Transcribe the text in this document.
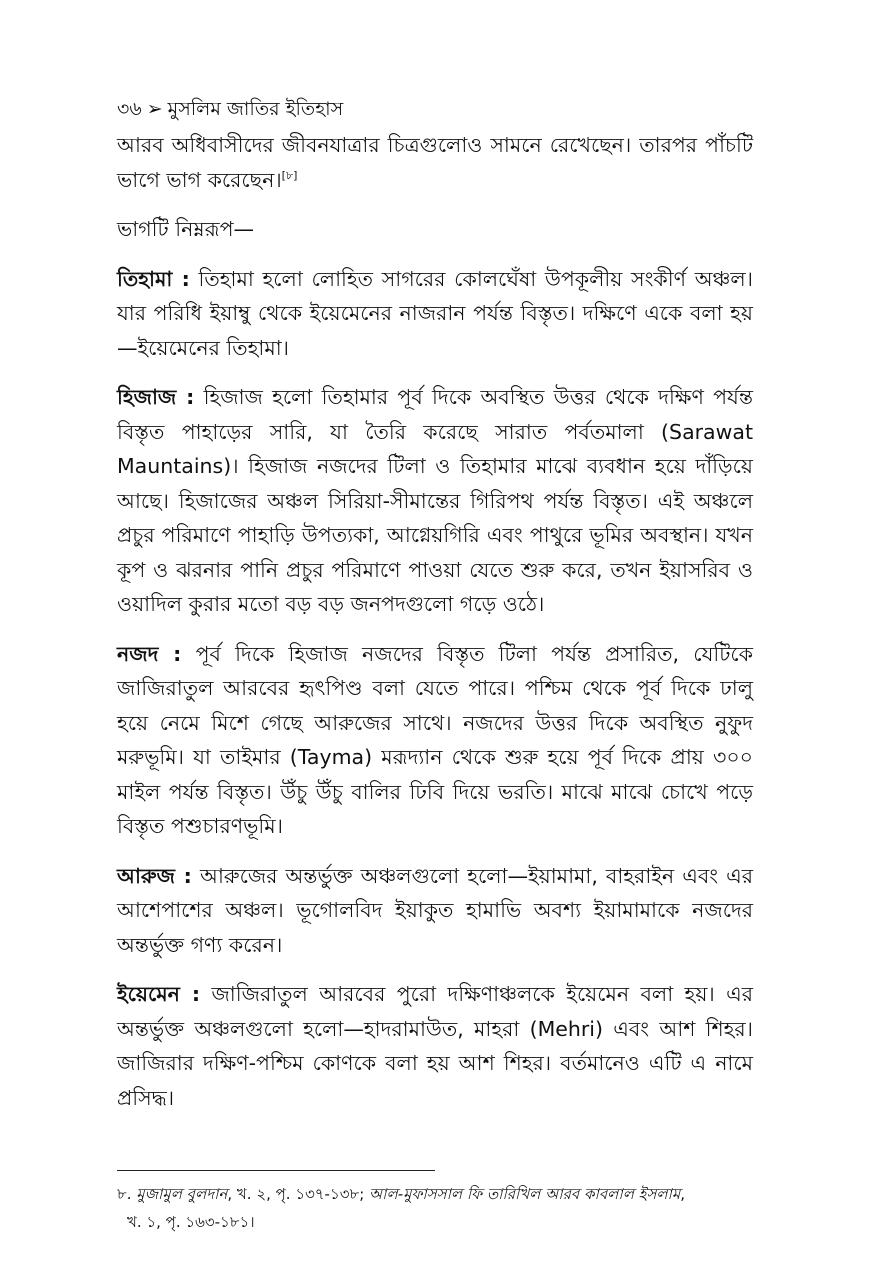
৩৬ ➢ মুসলিম জাতির ইতিহাস

আরব অধিবাসীদের জীবনযাত্রার চিত্রগুলোও সামনে রেখেছেন। তারপর পাঁচটি ভাগে ভাগ করেছেন।[৮]

ভাগটি নিম্নরূপ—

তিহামা : তিহামা হলো লোহিত সাগরের কোলঘেঁষা উপকূলীয় সংকীর্ণ অঞ্চল। যার পরিধি ইয়াম্বু থেকে ইয়েমেনের নাজরান পর্যন্ত বিস্তৃত। দক্ষিণে একে বলা হয়—ইয়েমেনের তিহামা।

হিজাজ : হিজাজ হলো তিহামার পূর্ব দিকে অবস্থিত উত্তর থেকে দক্ষিণ পর্যন্ত বিস্তৃত পাহাড়ের সারি, যা তৈরি করেছে সারাত পর্বতমালা (Sarawat Mauntains)। হিজাজ নজদের টিলা ও তিহামার মাঝে ব্যবধান হয়ে দাঁড়িয়ে আছে। হিজাজের অঞ্চল সিরিয়া-সীমান্তের গিরিপথ পর্যন্ত বিস্তৃত। এই অঞ্চলে প্রচুর পরিমাণে পাহাড়ি উপত্যকা, আগ্নেয়গিরি এবং পাথুরে ভূমির অবস্থান। যখন কূপ ও ঝরনার পানি প্রচুর পরিমাণে পাওয়া যেতে শুরু করে, তখন ইয়াসরিব ও ওয়াদিল কুরার মতো বড় বড় জনপদগুলো গড়ে ওঠে।

নজদ : পূর্ব দিকে হিজাজ নজদের বিস্তৃত টিলা পর্যন্ত প্রসারিত, যেটিকে জাজিরাতুল আরবের হৃৎপিণ্ড বলা যেতে পারে। পশ্চিম থেকে পূর্ব দিকে ঢালু হয়ে নেমে মিশে গেছে আরুজের সাথে। নজদের উত্তর দিকে অবস্থিত নুফুদ মরুভূমি। যা তাইমার (Tayma) মরূদ্যান থেকে শুরু হয়ে পূর্ব দিকে প্রায় ৩০০ মাইল পর্যন্ত বিস্তৃত। উঁচু উঁচু বালির ঢিবি দিয়ে ভরতি। মাঝে মাঝে চোখে পড়ে বিস্তৃত পশুচারণভূমি।

আরুজ : আরুজের অন্তর্ভুক্ত অঞ্চলগুলো হলো—ইয়ামামা, বাহরাইন এবং এর আশেপাশের অঞ্চল। ভূগোলবিদ ইয়াকুত হামাভি অবশ্য ইয়ামামাকে নজদের অন্তর্ভুক্ত গণ্য করেন।

ইয়েমেন : জাজিরাতুল আরবের পুরো দক্ষিণাঞ্চলকে ইয়েমেন বলা হয়। এর অন্তর্ভুক্ত অঞ্চলগুলো হলো—হাদরামাউত, মাহরা (Mehri) এবং আশ শিহর। জাজিরার দক্ষিণ-পশ্চিম কোণকে বলা হয় আশ শিহর। বর্তমানেও এটি এ নামে প্রসিদ্ধ।

৮. মুজামুল বুলদান, খ. ২, পৃ. ১৩৭-১৩৮; আল-মুফাসসাল ফি তারিখিল আরব কাবলাল ইসলাম,
খ. ১, পৃ. ১৬৩-১৮১।
